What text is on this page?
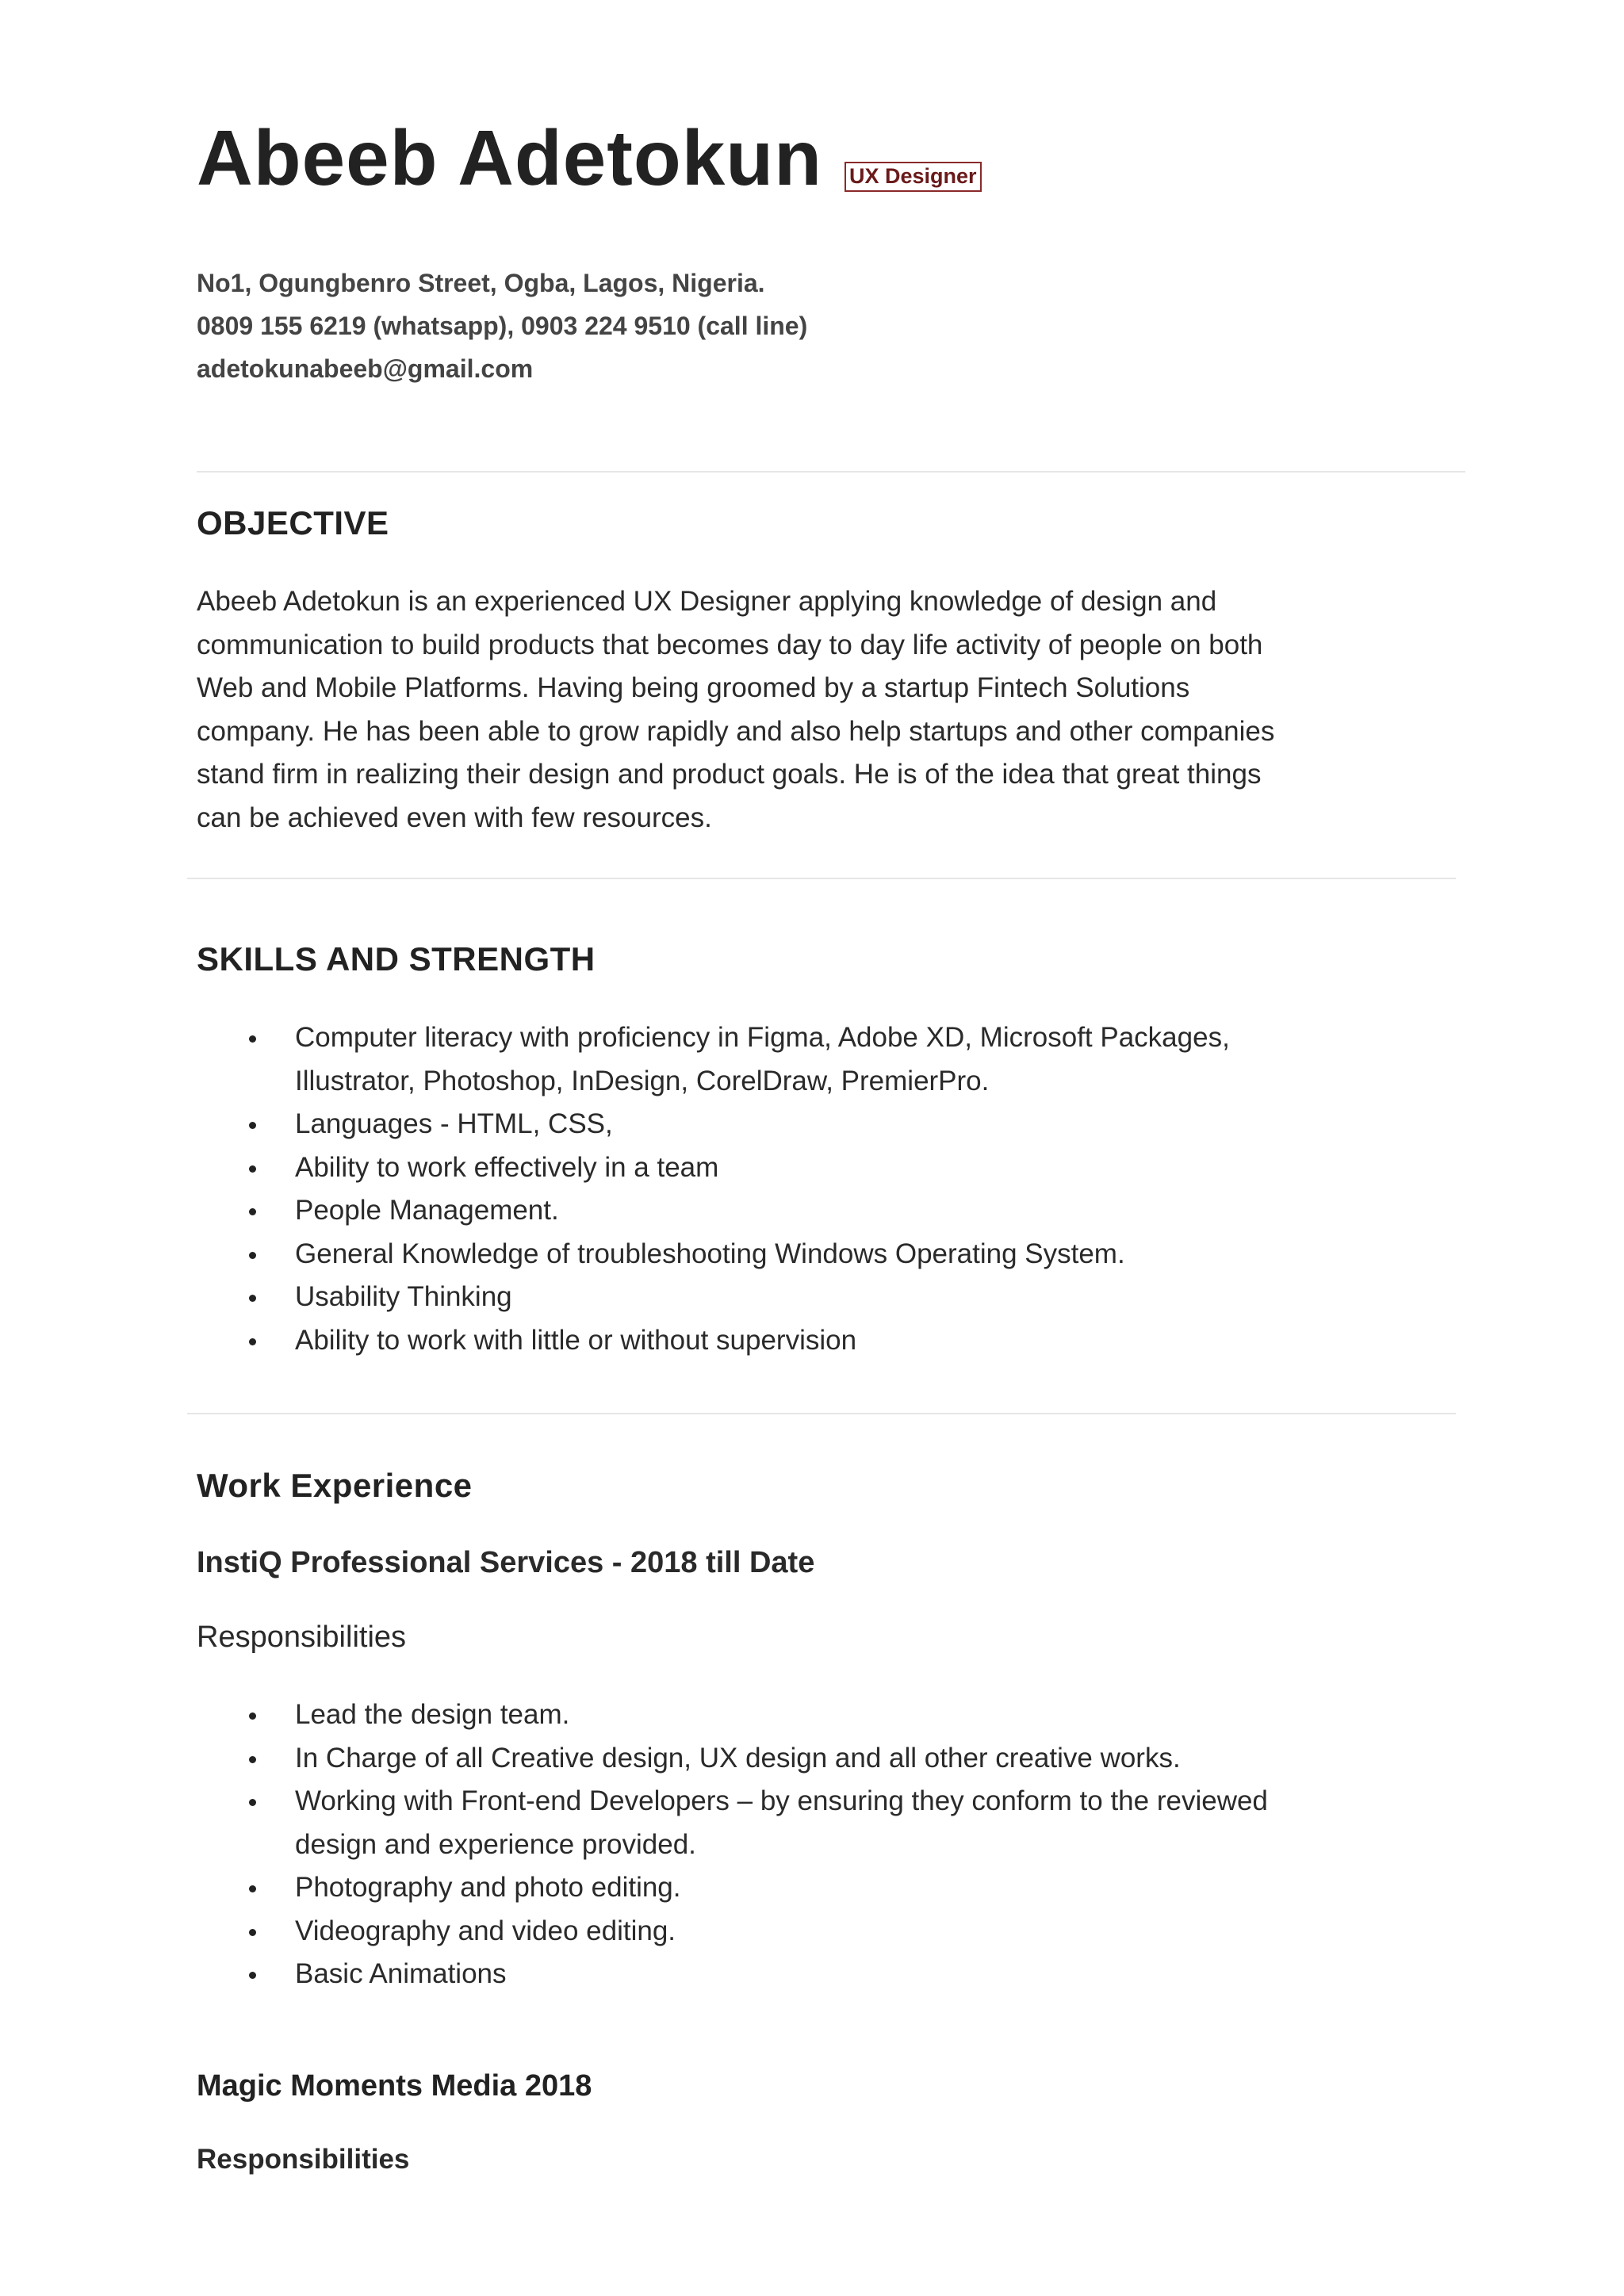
Abeeb Adetokun UX Designer
No1, Ogungbenro Street, Ogba, Lagos, Nigeria.
0809 155 6219 (whatsapp), 0903 224 9510 (call line)
adetokunabeeb@gmail.com
OBJECTIVE
Abeeb Adetokun is an experienced UX Designer applying knowledge of design and
communication to build products that becomes day to day life activity of people on both
Web and Mobile Platforms. Having being groomed by a startup Fintech Solutions
company. He has been able to grow rapidly and also help startups and other companies
stand firm in realizing their design and product goals. He is of the idea that great things
can be achieved even with few resources.
SKILLS AND STRENGTH
Computer literacy with proficiency in Figma, Adobe XD, Microsoft Packages,
Illustrator, Photoshop, InDesign, CorelDraw, PremierPro.
Languages - HTML, CSS,
Ability to work effectively in a team
People Management.
General Knowledge of troubleshooting Windows Operating System.
Usability Thinking
Ability to work with little or without supervision
Work Experience
InstiQ Professional Services - 2018 till Date
Responsibilities
Lead the design team.
In Charge of all Creative design, UX design and all other creative works.
Working with Front-end Developers – by ensuring they conform to the reviewed
design and experience provided.
Photography and photo editing.
Videography and video editing.
Basic Animations
Magic Moments Media 2018
Responsibilities
